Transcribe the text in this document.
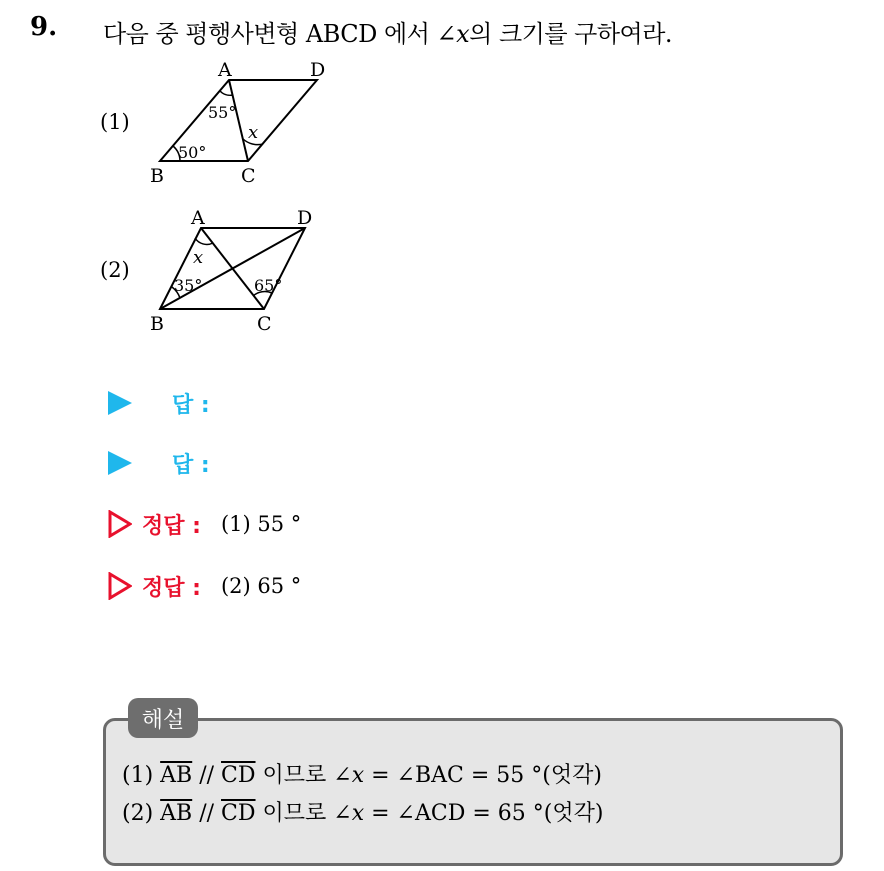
9. 다음 중 평행사변형 ABCD 에서 ∠x의 크기를 구하여라.
(1)
A	D
B	C
55°
50°
x
(2)
A	D
B	C
x
35°	65°
답 :
답 :
정답 : (1) 55 °
정답 : (2) 65 °
해설
(1) $\overline{AB} // \overline{CD}$ 이므로 ∠x = ∠BAC = 55 °(엇각)
(2) $\overline{AB} // \overline{CD}$ 이므로 ∠x = ∠ACD = 65 °(엇각)
